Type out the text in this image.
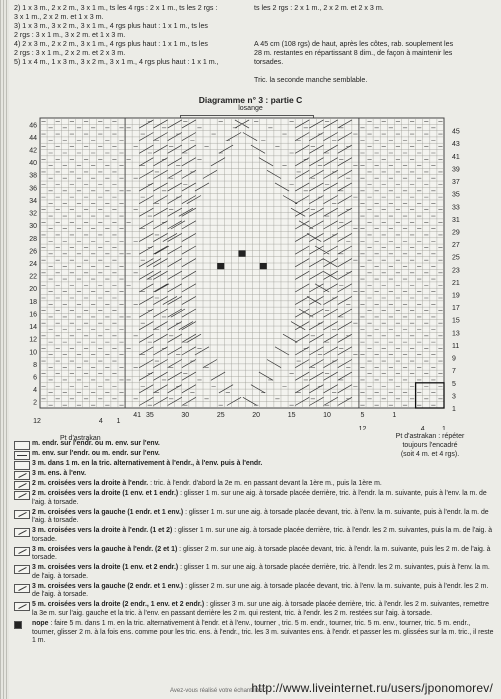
2) 1 x 3 m., 2 x 2 m., 3 x 1 m., ts les 4 rgs : 2 x 1 m., ts les 2 rgs :

3 x 1 m., 2 x 2 m. et 1 x 3 m.

3) 1 x 3 m., 3 x 2 m., 3 x 1 m., 4 rgs plus haut : 1 x 1 m., ts les

2 rgs : 3 x 1 m., 3 x 2 m. et 1 x 3 m.

4) 2 x 3 m., 2 x 2 m., 3 x 1 m., 4 rgs plus haut : 1 x 1 m., ts les

2 rgs : 3 x 1 m., 2 x 2 m. et 2 x 3 m.

5) 1 x 4 m., 1 x 3 m., 3 x 2 m., 3 x 1 m., 4 rgs plus haut : 1 x 1 m.,

ts les 2 rgs : 2 x 1 m., 2 x 2 m. et 2 x 3 m.

A 45 cm (108 rgs) de haut, après les côtes, rab. souplement les

28 m. restantes en répartissant 8 dim., de façon à maintenir les

torsades.

Tric. la seconde manche semblable.

Diagramme n° 3 : partie C
losange
46
44
42
40
38
36
34
32
30
28
26
24
22
20
18
16
14
12
10
8
6
4
2
45
43
41
39
37
35
33
31
29
27
25
23
21
19
17
15
13
11
9
7
5
3
1
12	4 1
41 35	30	25	20	15	10	5	1
12	4 1
Pt d'astrakan	Pt d'astrakan : répéter
toujours l'encadré
(soit 4 m. et 4 rgs).
m. endr. sur l'endr. ou m. env. sur l'env.
m. env. sur l'endr. ou m. endr. sur l'env.
3 m. dans 1 m. en la tric. alternativement à l'endr., à l'env. puis à l'endr.
3 m. ens. à l'env.
2 m. croisées vers la droite à l'endr. : tric. à l'endr. d'abord la 2e m. en passant devant la 1ère m., puis la 1ère m.
2 m. croisées vers la droite (1 env. et 1 endr.) : glisser 1 m. sur une aig. à torsade placée derrière, tric. à l'endr. la m. suivante, puis à l'env. la m. de l'aig. à torsade.
2 m. croisées vers la gauche (1 endr. et 1 env.) : glisser 1 m. sur une aig. à torsade placée devant, tric. à l'env. la m. suivante, puis à l'endr. la m. de l'aig. à torsade.
3 m. croisées vers la droite à l'endr. (1 et 2) : glisser 1 m. sur une aig. à torsade placée derrière, tric. à l'endr. les 2 m. suivantes, puis la m. de l'aig. à torsade.
3 m. croisées vers la gauche à l'endr. (2 et 1) : glisser 2 m. sur une aig. à torsade placée devant, tric. à l'endr. la m. suivante, puis les 2 m. de l'aig. à torsade.
3 m. croisées vers la droite (1 env. et 2 endr.) : glisser 1 m. sur une aig. à torsade placée derrière, tric. à l'endr. les 2 m. suivantes, puis à l'env. la m. de l'aig. à torsade.
3 m. croisées vers la gauche (2 endr. et 1 env.) : glisser 2 m. sur une aig. à torsade placée devant, tric. à l'env. la m. suivante, puis à l'endr. les 2 m. de l'aig. à torsade.
5 m. croisées vers la droite (2 endr., 1 env. et 2 endr.) : glisser 3 m. sur une aig. à torsade placée derrière, tric. à l'endr. les 2 m. suivantes, remettre la 3e m. sur l'aig. gauche et la tric. à l'env. en passant derrière les 2 m. qui restent, tric. à l'endr. les 2 m. restées sur l'aig. à torsade.
nope : faire 5 m. dans 1 m. en la tric. alternativement à l'endr. et à l'env., tourner , tric. 5 m. endr., tourner, tric. 5 m. env., tourner, tric. 5 m. endr., tourner, glisser 2 m. à la fois ens. comme pour les tric. ens. à l'endr., tric. les 3 m. suivantes ens. à l'endr. et passer les m. glissées sur la m. tric., il reste 1 m.
Avez-vous réalisé votre échantillon ?
http://www.liveinternet.ru/users/jponomorev/
